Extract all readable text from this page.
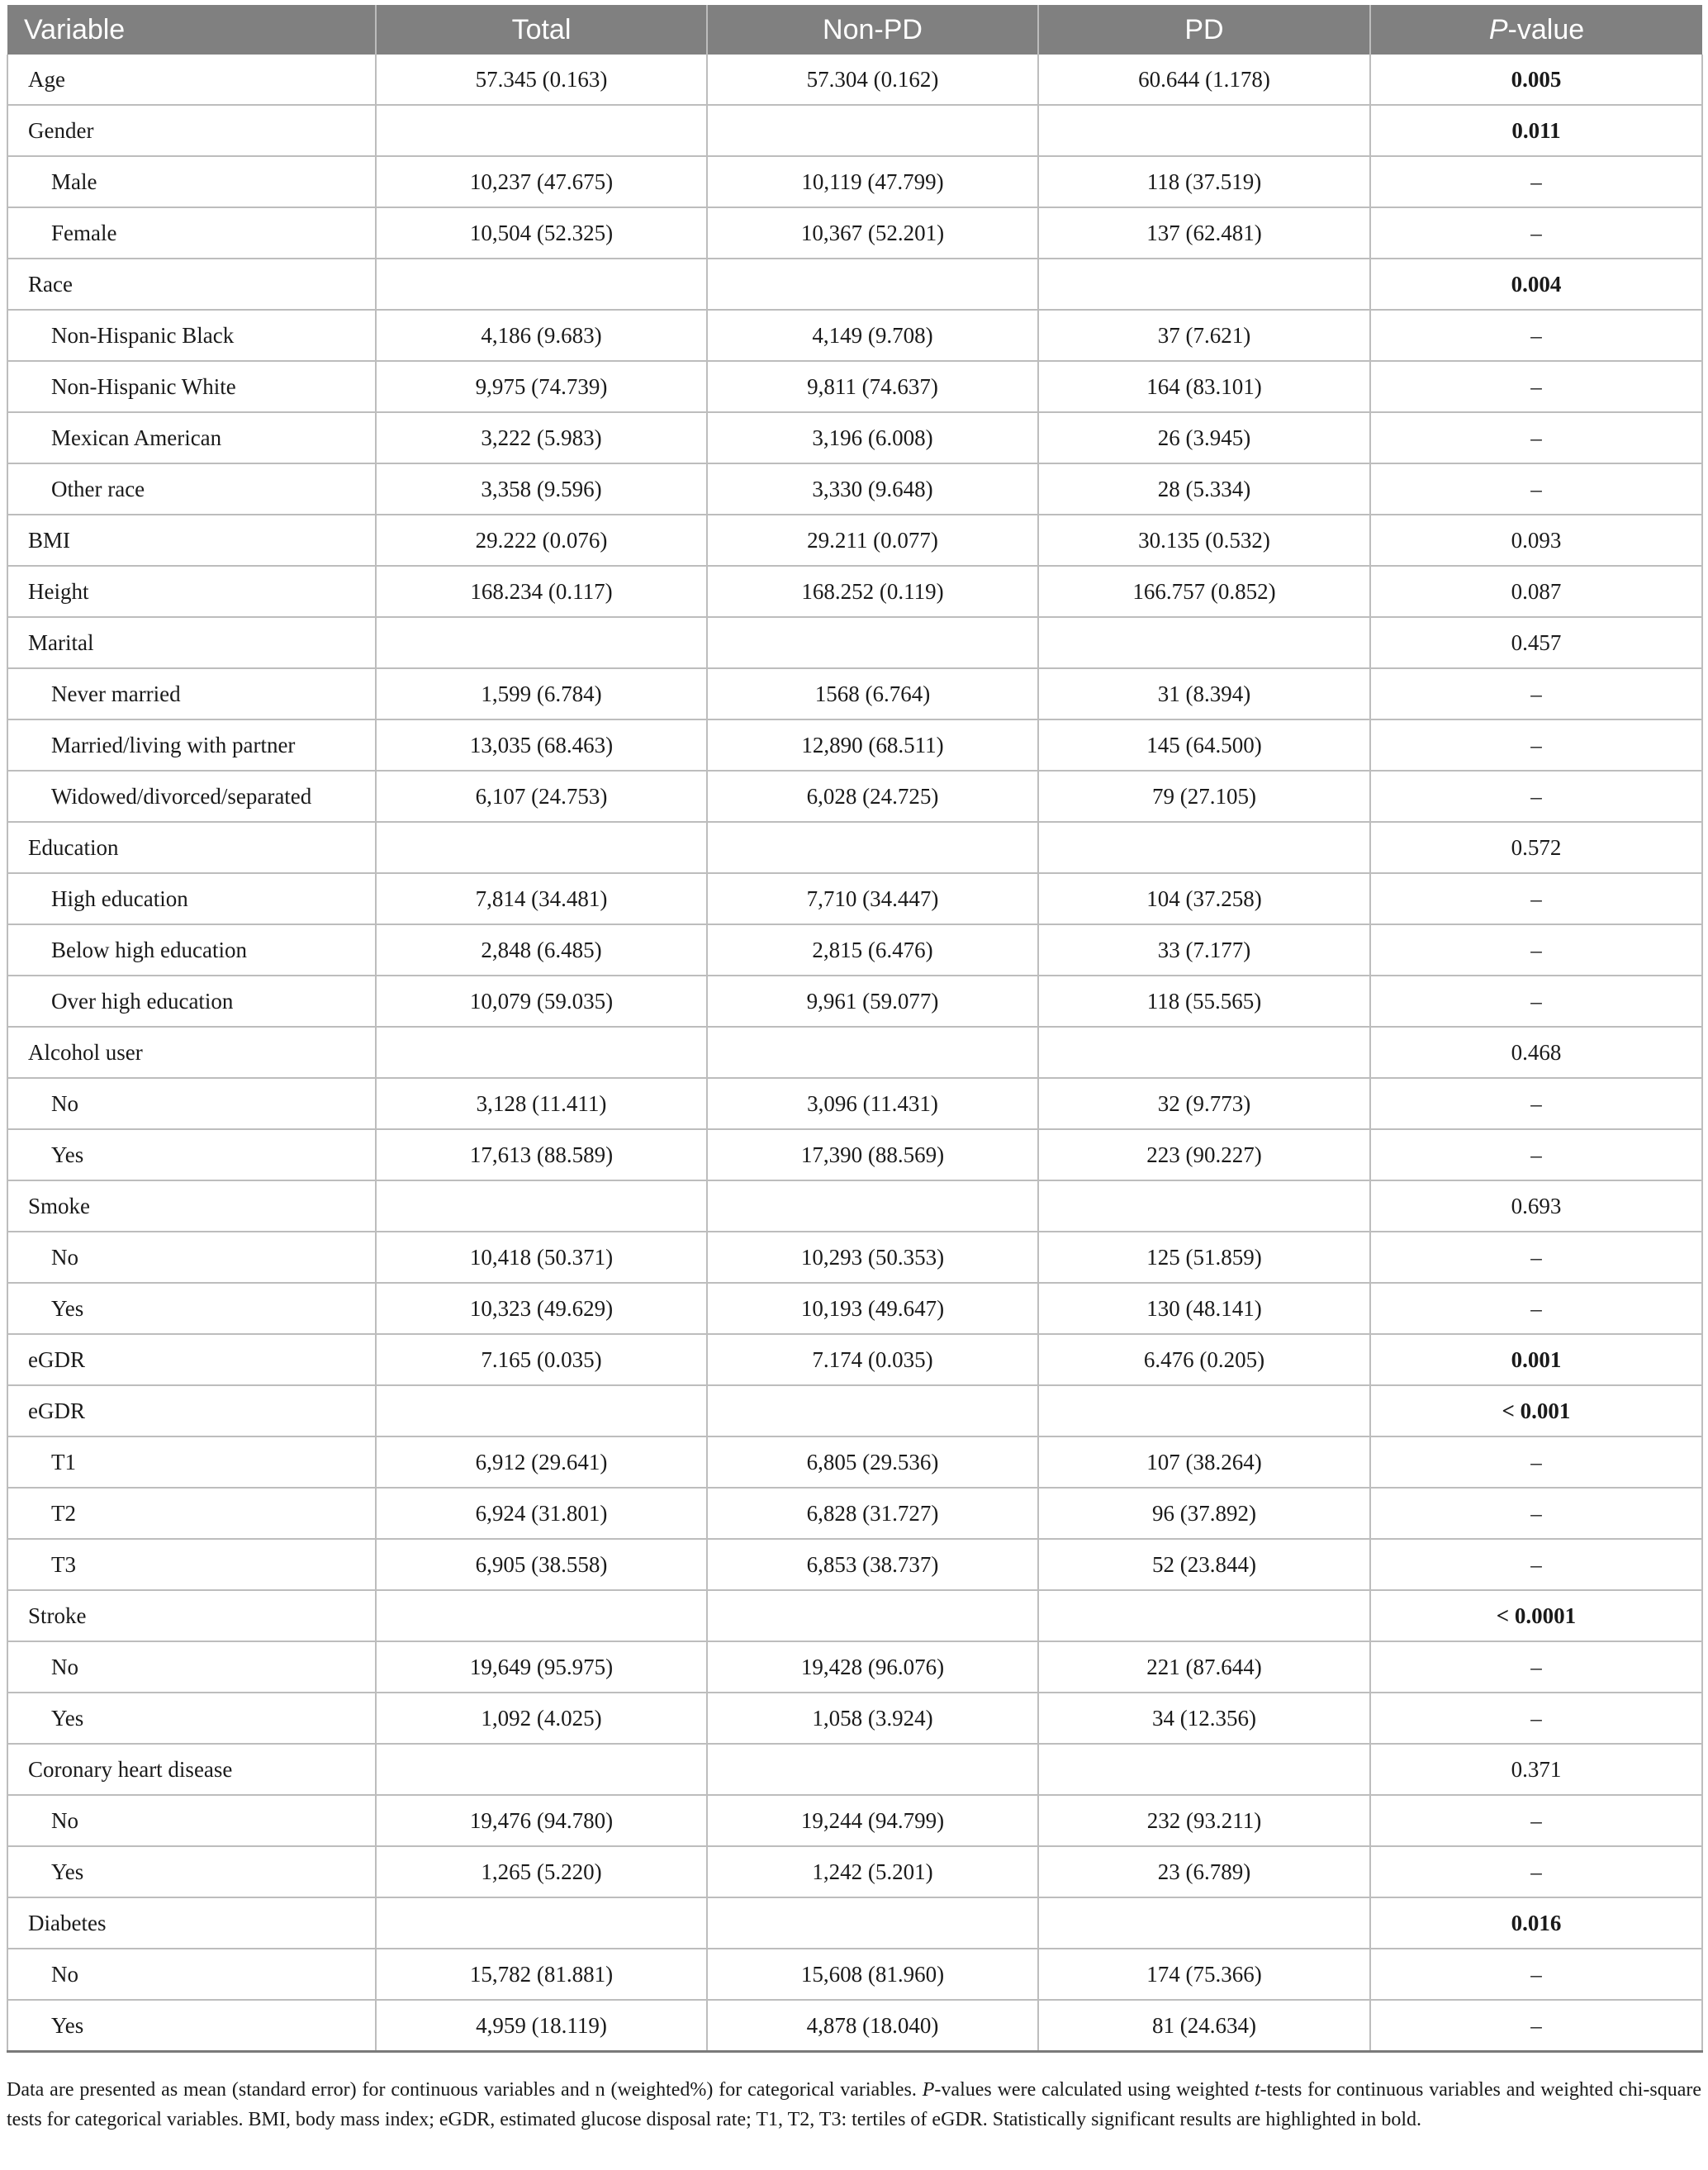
Variable	Total	Non-PD	PD	P-value
Age	57.345 (0.163)	57.304 (0.162)	60.644 (1.178)	0.005
Gender				0.011
Male	10,237 (47.675)	10,119 (47.799)	118 (37.519)	–
Female	10,504 (52.325)	10,367 (52.201)	137 (62.481)	–
Race				0.004
Non-Hispanic Black	4,186 (9.683)	4,149 (9.708)	37 (7.621)	–
Non-Hispanic White	9,975 (74.739)	9,811 (74.637)	164 (83.101)	–
Mexican American	3,222 (5.983)	3,196 (6.008)	26 (3.945)	–
Other race	3,358 (9.596)	3,330 (9.648)	28 (5.334)	–
BMI	29.222 (0.076)	29.211 (0.077)	30.135 (0.532)	0.093
Height	168.234 (0.117)	168.252 (0.119)	166.757 (0.852)	0.087
Marital				0.457
Never married	1,599 (6.784)	1568 (6.764)	31 (8.394)	–
Married/living with partner	13,035 (68.463)	12,890 (68.511)	145 (64.500)	–
Widowed/divorced/separated	6,107 (24.753)	6,028 (24.725)	79 (27.105)	–
Education				0.572
High education	7,814 (34.481)	7,710 (34.447)	104 (37.258)	–
Below high education	2,848 (6.485)	2,815 (6.476)	33 (7.177)	–
Over high education	10,079 (59.035)	9,961 (59.077)	118 (55.565)	–
Alcohol user				0.468
No	3,128 (11.411)	3,096 (11.431)	32 (9.773)	–
Yes	17,613 (88.589)	17,390 (88.569)	223 (90.227)	–
Smoke				0.693
No	10,418 (50.371)	10,293 (50.353)	125 (51.859)	–
Yes	10,323 (49.629)	10,193 (49.647)	130 (48.141)	–
eGDR	7.165 (0.035)	7.174 (0.035)	6.476 (0.205)	0.001
eGDR				< 0.001
T1	6,912 (29.641)	6,805 (29.536)	107 (38.264)	–
T2	6,924 (31.801)	6,828 (31.727)	96 (37.892)	–
T3	6,905 (38.558)	6,853 (38.737)	52 (23.844)	–
Stroke				< 0.0001
No	19,649 (95.975)	19,428 (96.076)	221 (87.644)	–
Yes	1,092 (4.025)	1,058 (3.924)	34 (12.356)	–
Coronary heart disease				0.371
No	19,476 (94.780)	19,244 (94.799)	232 (93.211)	–
Yes	1,265 (5.220)	1,242 (5.201)	23 (6.789)	–
Diabetes				0.016
No	15,782 (81.881)	15,608 (81.960)	174 (75.366)	–
Yes	4,959 (18.119)	4,878 (18.040)	81 (24.634)	–
Data are presented as mean (standard error) for continuous variables and n (weighted%) for categorical variables. P-values were calculated using weighted t-tests for continuous variables and weighted chi-square tests for categorical variables. BMI, body mass index; eGDR, estimated glucose disposal rate; T1, T2, T3: tertiles of eGDR. Statistically significant results are highlighted in bold.
